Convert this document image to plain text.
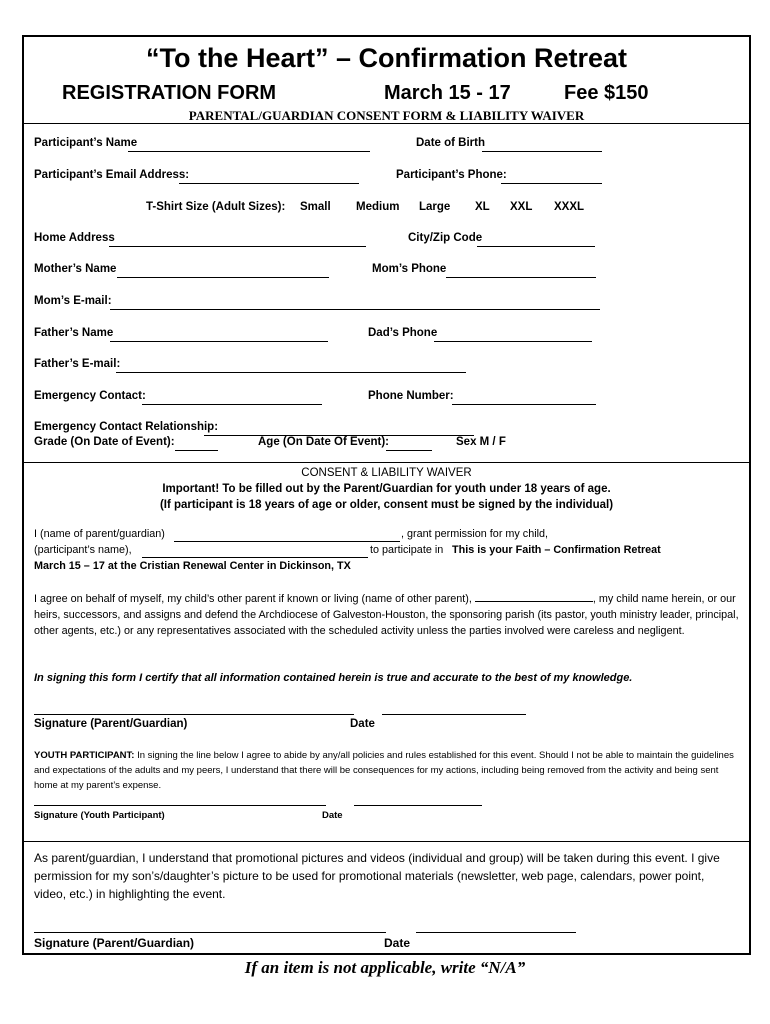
“To the Heart” – Confirmation Retreat
REGISTRATION FORM	March 15 - 17	Fee $150
PARENTAL/GUARDIAN CONSENT FORM & LIABILITY WAIVER
Participant’s Name	Date of Birth
Participant’s Email Address:	Participant’s Phone:
T-Shirt Size (Adult Sizes): Small Medium Large XL XXL XXXL
Home Address	City/Zip Code
Mother’s Name	Mom’s Phone
Mom’s E-mail:
Father’s Name	Dad’s Phone
Father’s E-mail:
Emergency Contact:	Phone Number:
Emergency Contact Relationship:
Grade (On Date of Event):	Age (On Date Of Event):	Sex M / F
CONSENT & LIABILITY WAIVER
Important! To be filled out by the Parent/Guardian for youth under 18 years of age.
(If participant is 18 years of age or older, consent must be signed by the individual)
I (name of parent/guardian)	, grant permission for my child,
(participant’s name),	to participate in This is your Faith – Confirmation Retreat
March 15 – 17 at the Cristian Renewal Center in Dickinson, TX
I agree on behalf of myself, my child’s other parent if known or living (name of other parent),	, my child name herein, or our heirs, successors, and assigns and defend the Archdiocese of Galveston-Houston, the sponsoring parish (its pastor, youth ministry leader, principal, other agents, etc.) or any representatives associated with the scheduled activity unless the parties involved were careless and negligent.
In signing this form I certify that all information contained herein is true and accurate to the best of my knowledge.
Signature (Parent/Guardian)	Date
YOUTH PARTICIPANT: In signing the line below I agree to abide by any/all policies and rules established for this event. Should I not be able to maintain the guidelines and expectations of the adults and my peers, I understand that there will be consequences for my actions, including being removed from the activity and being sent home at my parent’s expense.
Signature (Youth Participant)	Date
As parent/guardian, I understand that promotional pictures and videos (individual and group) will be taken during this event. I give permission for my son’s/daughter’s picture to be used for promotional materials (newsletter, web page, calendars, power point, video, etc.) in highlighting the event.
Signature (Parent/Guardian)	Date
If an item is not applicable, write “N/A”
